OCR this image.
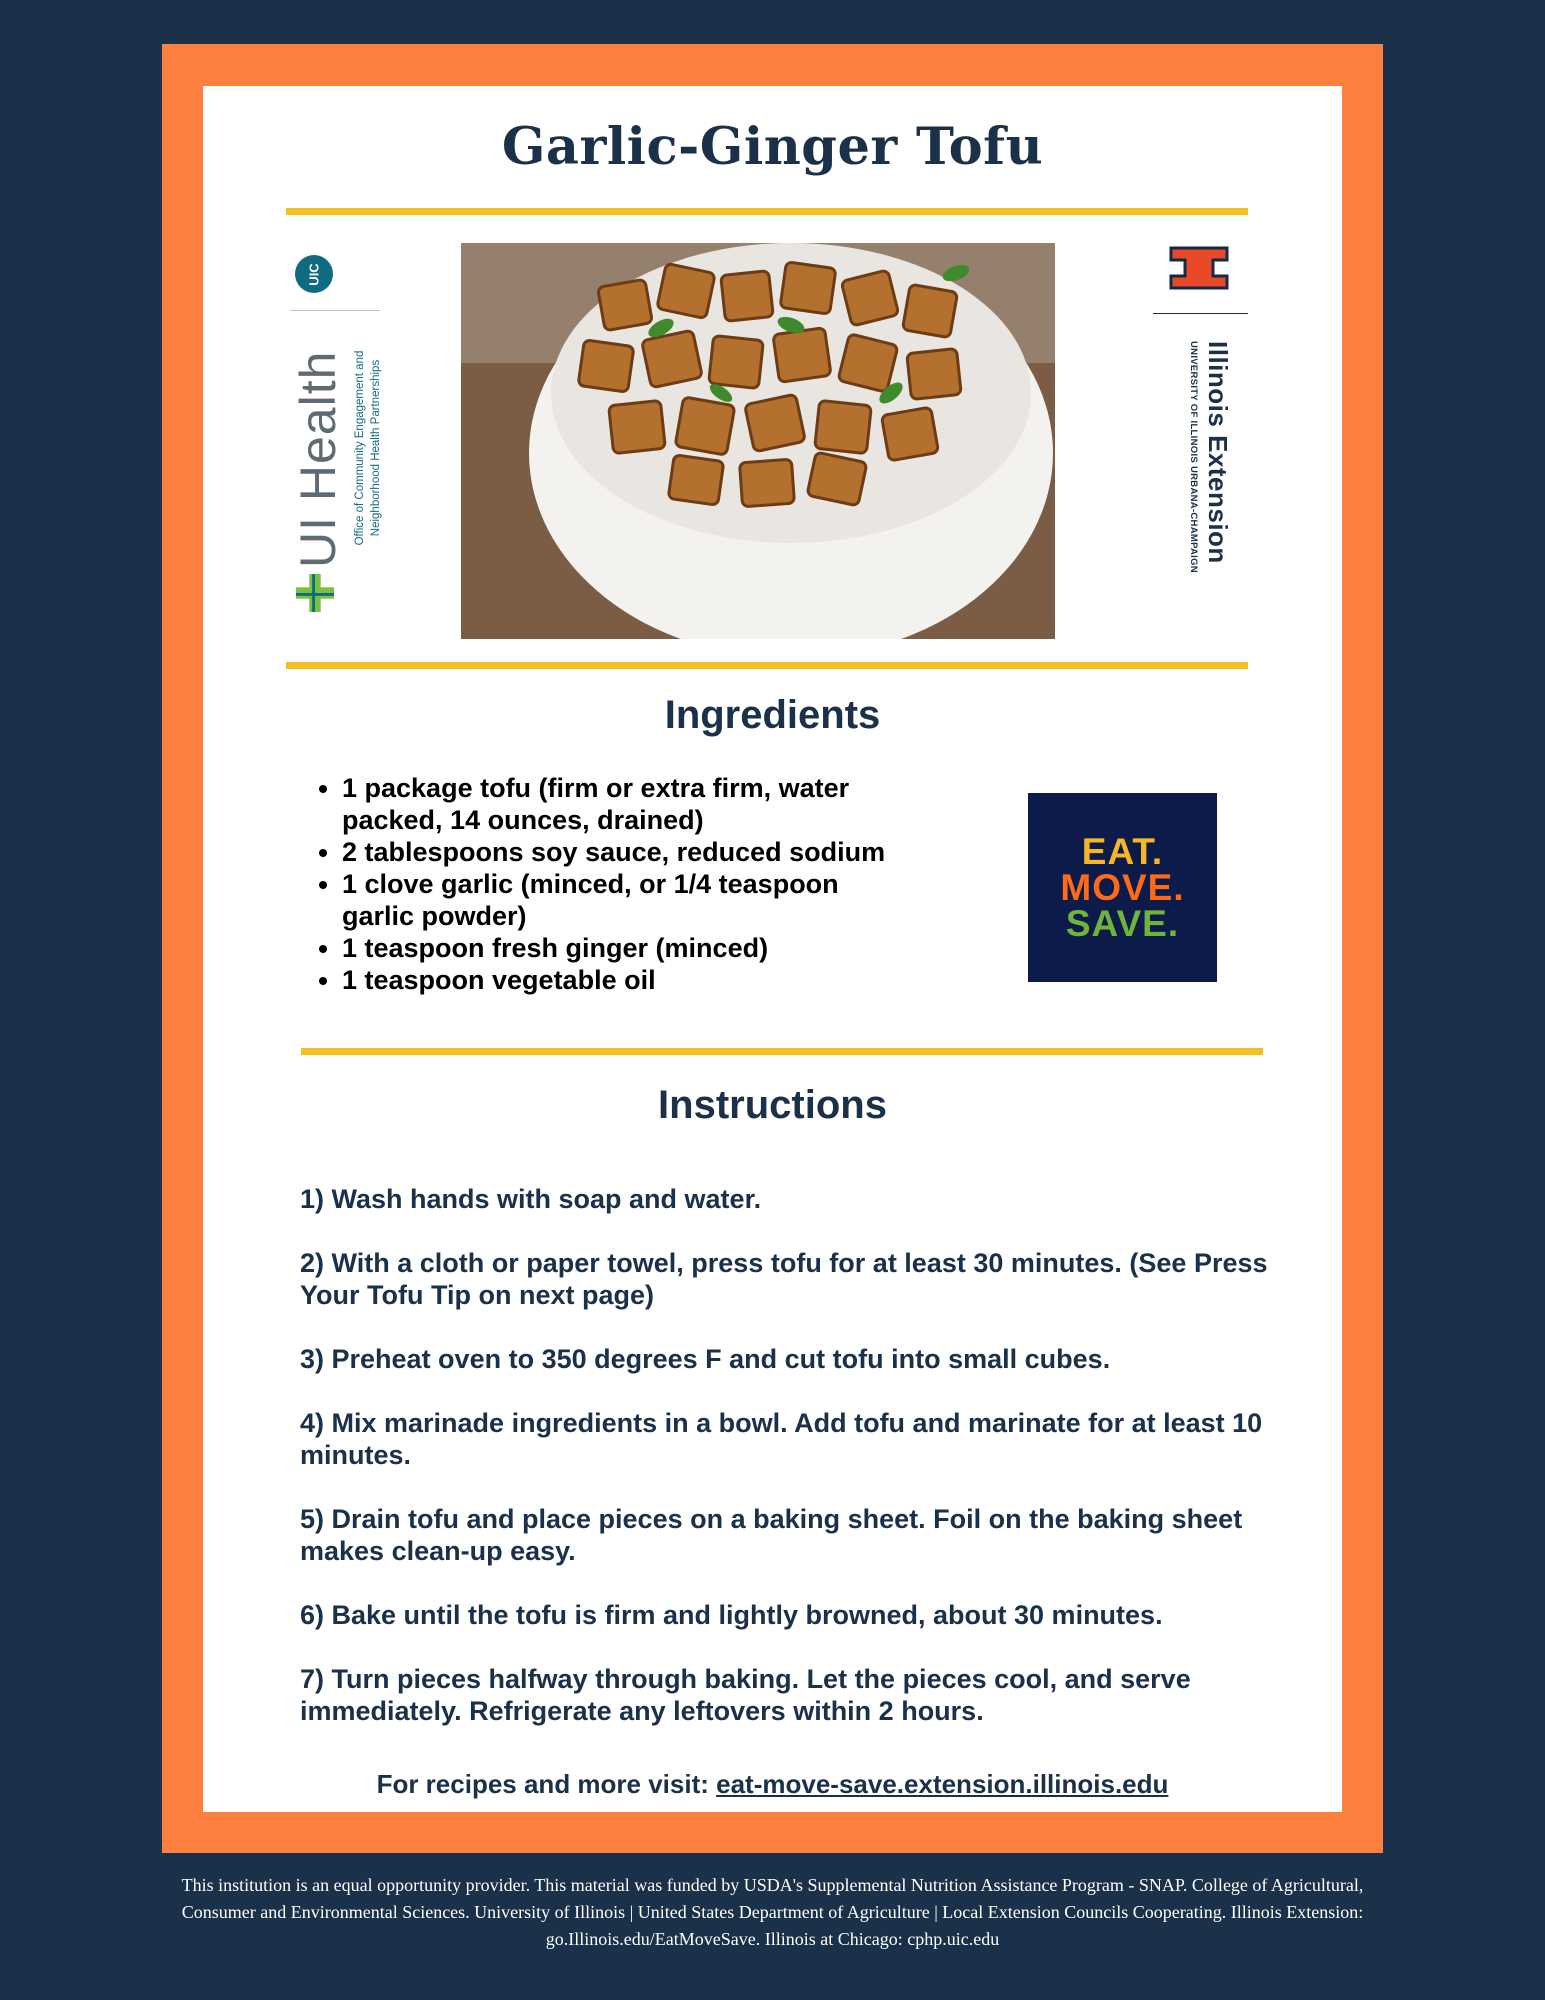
Garlic-Ginger Tofu
UIC
UI Health Office of Community Engagement and Neighborhood Health Partnerships	Illinois Extension
UNIVERSITY OF ILLINOIS URBANA-CHAMPAIGN
Ingredients
• 1 package tofu (firm or extra firm, water packed, 14 ounces, drained)
• 2 tablespoons soy sauce, reduced sodium
• 1 clove garlic (minced, or 1/4 teaspoon garlic powder)
• 1 teaspoon fresh ginger (minced)
• 1 teaspoon vegetable oil
EAT.
MOVE.
SAVE.
Instructions

1) Wash hands with soap and water.

2) With a cloth or paper towel, press tofu for at least 30 minutes. (See Press Your Tofu Tip on next page)

3) Preheat oven to 350 degrees F and cut tofu into small cubes.

4) Mix marinade ingredients in a bowl. Add tofu and marinate for at least 10 minutes.

5) Drain tofu and place pieces on a baking sheet. Foil on the baking sheet makes clean-up easy.

6) Bake until the tofu is firm and lightly browned, about 30 minutes.

7) Turn pieces halfway through baking. Let the pieces cool, and serve immediately. Refrigerate any leftovers within 2 hours.

For recipes and more visit: eat-move-save.extension.illinois.edu
This institution is an equal opportunity provider. This material was funded by USDA's Supplemental Nutrition Assistance Program - SNAP. College of Agricultural, Consumer and Environmental Sciences. University of Illinois | United States Department of Agriculture | Local Extension Councils Cooperating. Illinois Extension: go.Illinois.edu/EatMoveSave. Illinois at Chicago: cphp.uic.edu
